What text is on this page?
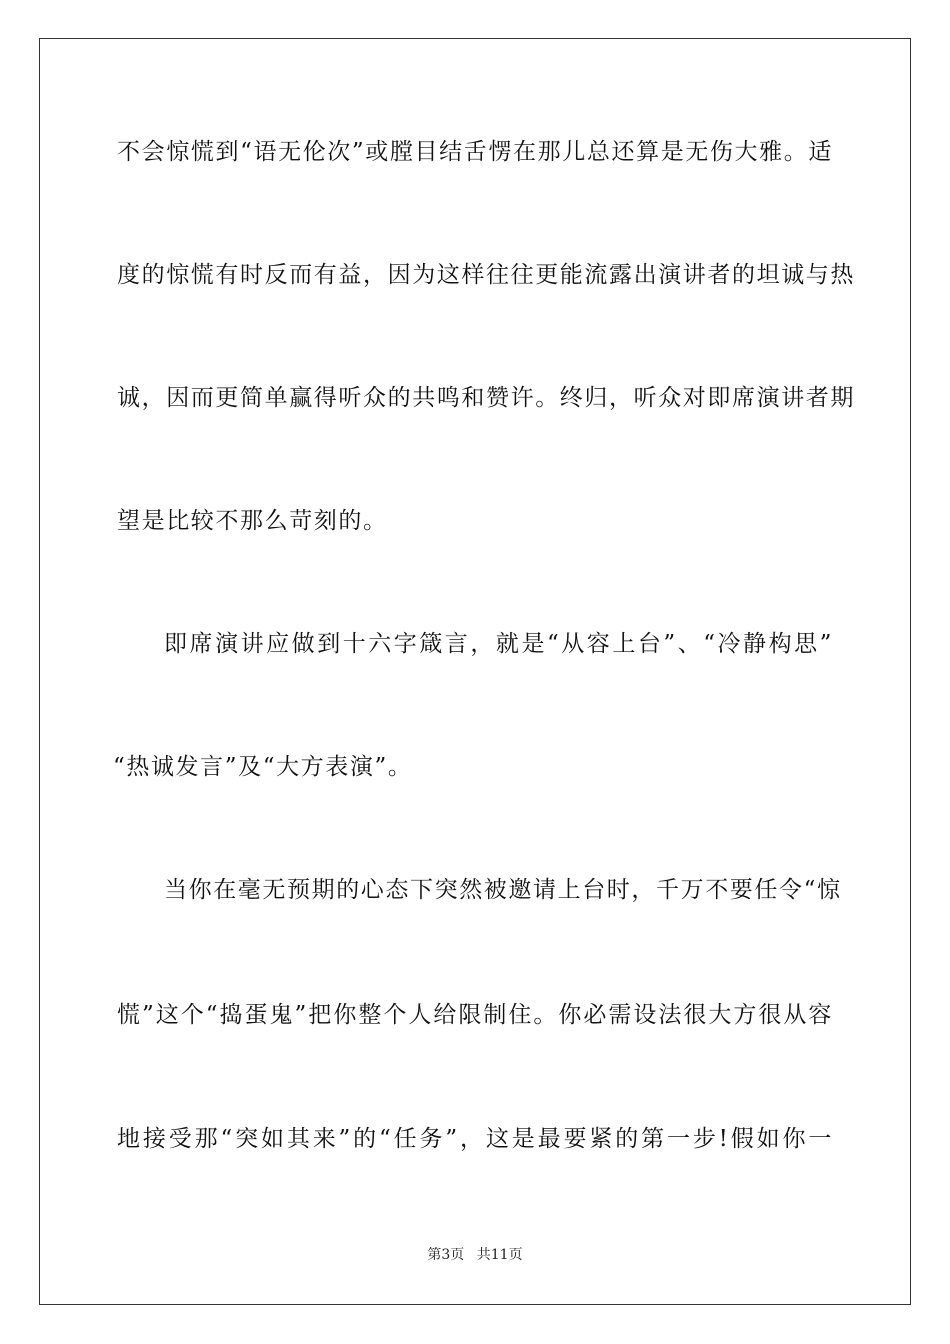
不会惊慌到“语无伦次”或膛目结舌愣在那儿总还算是无伤大雅。适
度的惊慌有时反而有益，因为这样往往更能流露出演讲者的坦诚与热
诚，因而更简单赢得听众的共鸣和赞许。终归，听众对即席演讲者期
望是比较不那么苛刻的。
即席演讲应做到十六字箴言，就是“从容上台”、“冷静构思”
“热诚发言”及“大方表演”。
当你在毫无预期的心态下突然被邀请上台时，千万不要任令“惊
慌”这个“捣蛋鬼”把你整个人给限制住。你必需设法很大方很从容
地接受那“突如其来”的“任务”，这是最要紧的第一步!假如你一
第3页 共11页
